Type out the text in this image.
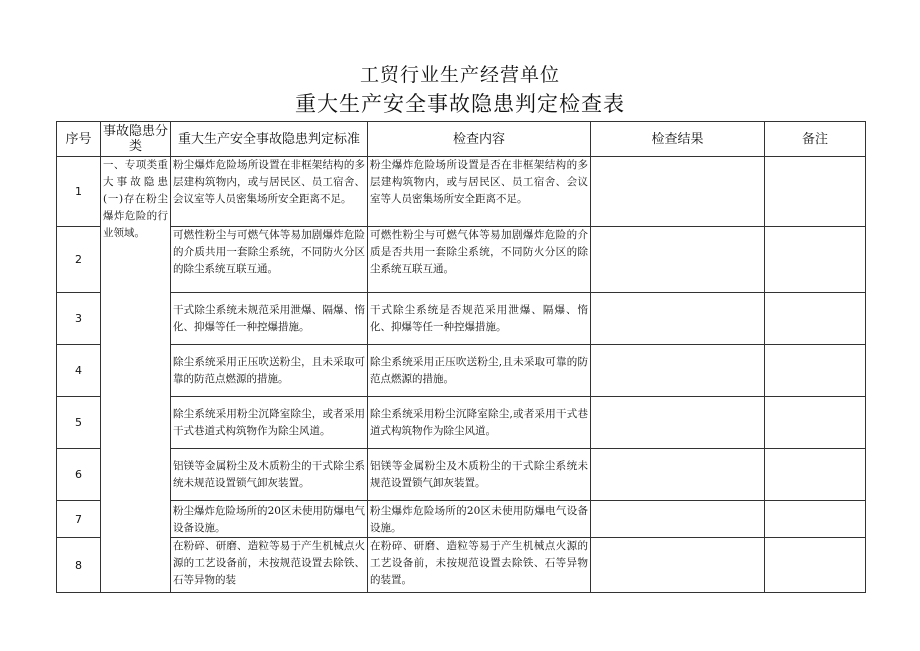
工贸行业生产经营单位
重大生产安全事故隐患判定检查表
序号	事故隐患分类	重大生产安全事故隐患判定标准	检查内容	检查结果	备注
1	一、专项类重大事故隐患 (一)存在粉尘爆炸危险的行业领域。	粉尘爆炸危险场所设置在非框架结构的多层建构筑物内，或与居民区、员工宿舍、会议室等人员密集场所安全距离不足。	粉尘爆炸危险场所设置是否在非框架结构的多层建构筑物内，或与居民区、员工宿舍、会议室等人员密集场所安全距离不足。		
2		可燃性粉尘与可燃气体等易加剧爆炸危险的介质共用一套除尘系统，不同防火分区的除尘系统互联互通。	可燃性粉尘与可燃气体等易加剧爆炸危险的介质是否共用一套除尘系统，不同防火分区的除尘系统互联互通。		
3		干式除尘系统未规范采用泄爆、隔爆、惰化、抑爆等任一种控爆措施。	干式除尘系统是否规范采用泄爆、隔爆、惰化、抑爆等任一种控爆措施。		
4		除尘系统采用正压吹送粉尘，且未采取可靠的防范点燃源的措施。	除尘系统采用正压吹送粉尘,且未采取可靠的防范点燃源的措施。		
5		除尘系统采用粉尘沉降室除尘，或者采用干式巷道式构筑物作为除尘风道。	除尘系统采用粉尘沉降室除尘,或者采用干式巷道式构筑物作为除尘风道。		
6		铝镁等金属粉尘及木质粉尘的干式除尘系统未规范设置锁气卸灰装置。	铝镁等金属粉尘及木质粉尘的干式除尘系统未规范设置锁气卸灰装置。		
7		粉尘爆炸危险场所的20区未使用防爆电气设备设施。	粉尘爆炸危险场所的20区未使用防爆电气设备设施。		
8		在粉碎、研磨、造粒等易于产生机械点火源的工艺设备前，未按规范设置去除铁、石等异物的装	在粉碎、研磨、造粒等易于产生机械点火源的工艺设备前，未按规范设置去除铁、石等异物的装置。		
